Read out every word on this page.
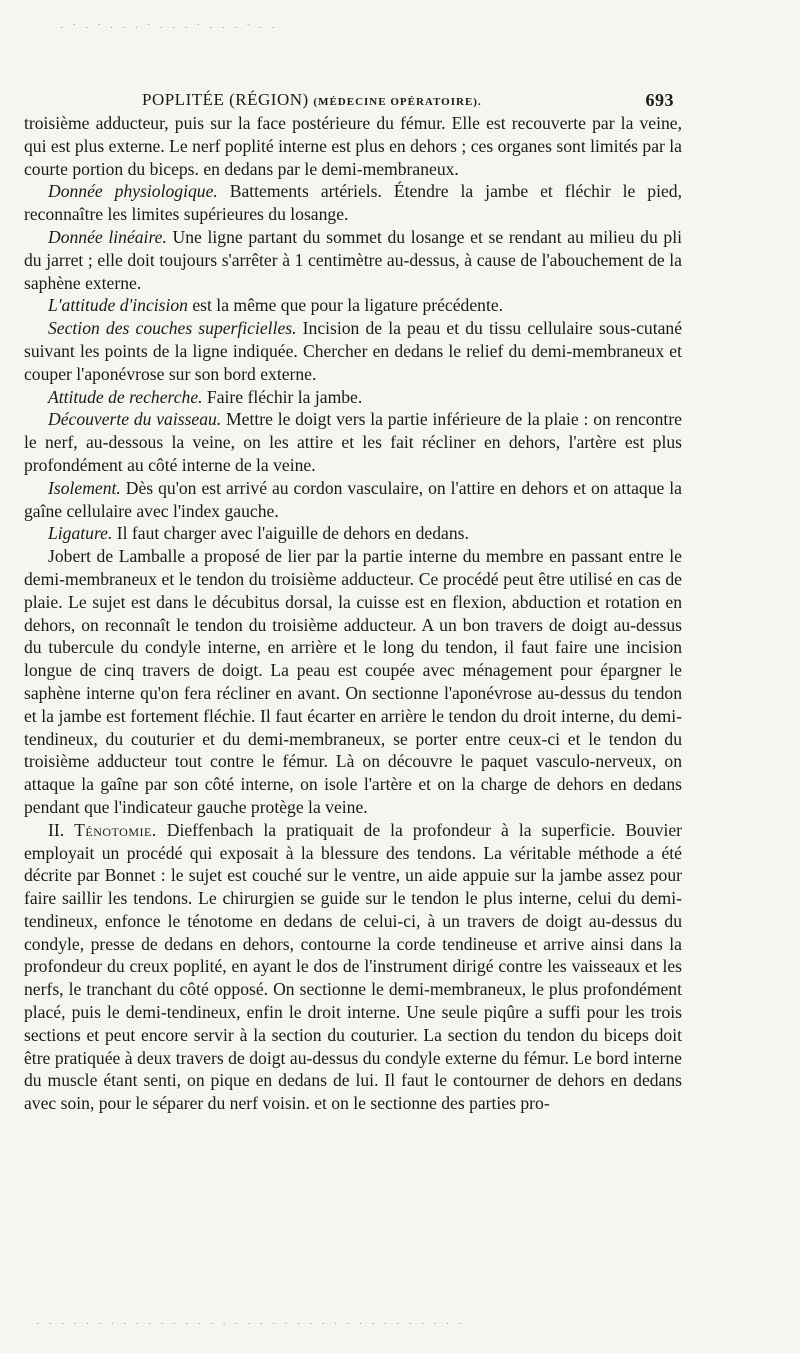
· ˙ · ˙ · · · ˙ · · · ˙ · · · ˙ · ·
POPLITÉE (RÉGION) (MÉDECINE OPÉRATOIRE).	693

troisième adducteur, puis sur la face postérieure du fémur. Elle est recouverte par la veine, qui est plus externe. Le nerf poplité interne est plus en dehors ; ces organes sont limités par la courte portion du biceps. en dedans par le demi-membraneux.

Donnée physiologique. Battements artériels. Étendre la jambe et fléchir le pied, reconnaître les limites supérieures du losange.

Donnée linéaire. Une ligne partant du sommet du losange et se rendant au milieu du pli du jarret ; elle doit toujours s'arrêter à 1 centimètre au-dessus, à cause de l'abouchement de la saphène externe.

L'attitude d'incision est la même que pour la ligature précédente.

Section des couches superficielles. Incision de la peau et du tissu cellulaire sous-cutané suivant les points de la ligne indiquée. Chercher en dedans le relief du demi-membraneux et couper l'aponévrose sur son bord externe.

Attitude de recherche. Faire fléchir la jambe.

Découverte du vaisseau. Mettre le doigt vers la partie inférieure de la plaie : on rencontre le nerf, au-dessous la veine, on les attire et les fait récliner en dehors, l'artère est plus profondément au côté interne de la veine.

Isolement. Dès qu'on est arrivé au cordon vasculaire, on l'attire en dehors et on attaque la gaîne cellulaire avec l'index gauche.

Ligature. Il faut charger avec l'aiguille de dehors en dedans.

Jobert de Lamballe a proposé de lier par la partie interne du membre en passant entre le demi-membraneux et le tendon du troisième adducteur. Ce procédé peut être utilisé en cas de plaie. Le sujet est dans le décubitus dorsal, la cuisse est en flexion, abduction et rotation en dehors, on reconnaît le tendon du troisième adducteur. A un bon travers de doigt au-dessus du tubercule du condyle interne, en arrière et le long du tendon, il faut faire une incision longue de cinq travers de doigt. La peau est coupée avec ménagement pour épargner le saphène interne qu'on fera récliner en avant. On sectionne l'aponévrose au-dessus du tendon et la jambe est fortement fléchie. Il faut écarter en arrière le tendon du droit interne, du demi-tendineux, du couturier et du demi-membraneux, se porter entre ceux-ci et le tendon du troisième adducteur tout contre le fémur. Là on découvre le paquet vasculo-nerveux, on attaque la gaîne par son côté interne, on isole l'artère et on la charge de dehors en dedans pendant que l'indicateur gauche protège la veine.

II. Ténotomie. Dieffenbach la pratiquait de la profondeur à la superficie. Bouvier employait un procédé qui exposait à la blessure des tendons. La véritable méthode a été décrite par Bonnet : le sujet est couché sur le ventre, un aide appuie sur la jambe assez pour faire saillir les tendons. Le chirurgien se guide sur le tendon le plus interne, celui du demi-tendineux, enfonce le ténotome en dedans de celui-ci, à un travers de doigt au-dessus du condyle, presse de dedans en dehors, contourne la corde tendineuse et arrive ainsi dans la profondeur du creux poplité, en ayant le dos de l'instrument dirigé contre les vaisseaux et les nerfs, le tranchant du côté opposé. On sectionne le demi-membraneux, le plus profondément placé, puis le demi-tendineux, enfin le droit interne. Une seule piqûre a suffi pour les trois sections et peut encore servir à la section du couturier. La section du tendon du biceps doit être pratiquée à deux travers de doigt au-dessus du condyle externe du fémur. Le bord interne du muscle étant senti, on pique en dedans de lui. Il faut le contourner de dehors en dedans avec soin, pour le séparer du nerf voisin. et on le sectionne des parties pro-

· · · · · · · · · · · · · · · · · · · · · · · · · · · · · · · · · · ·
